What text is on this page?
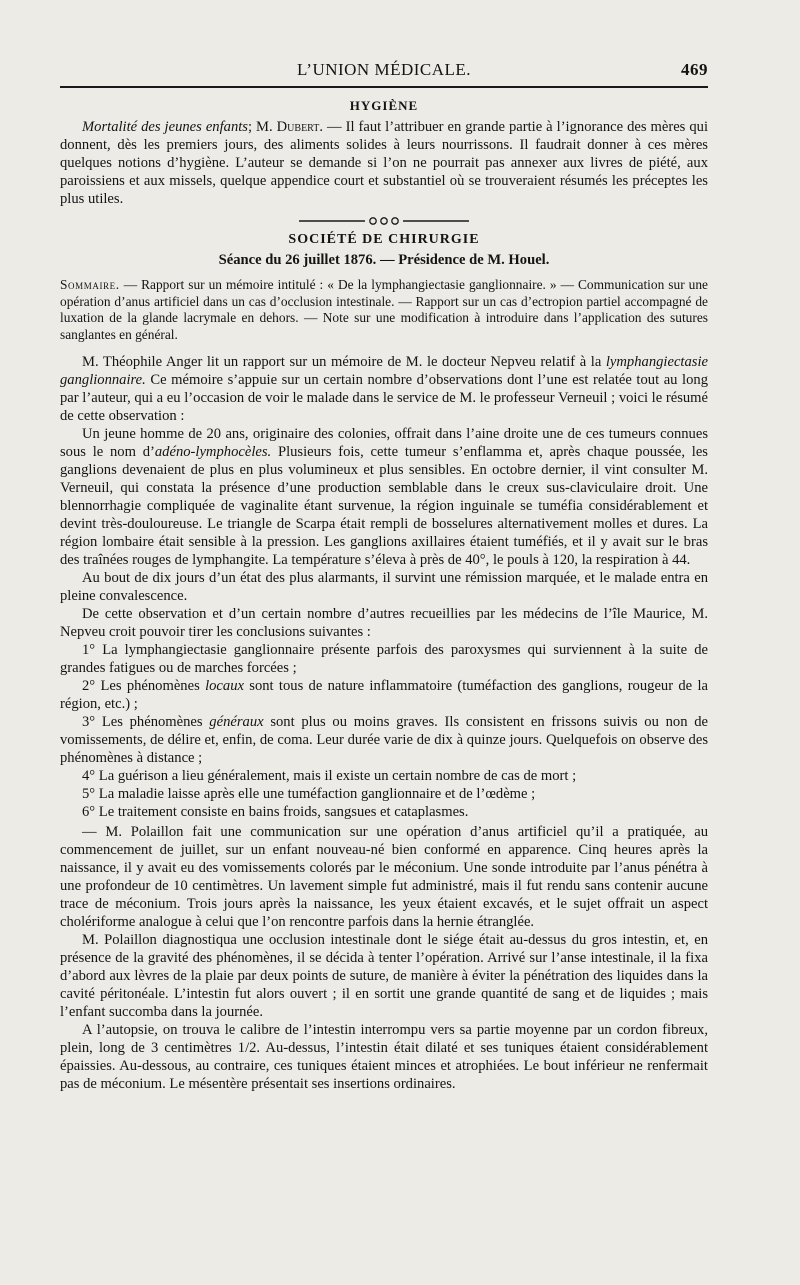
L’UNION MÉDICALE.	469
HYGIÈNE

Mortalité des jeunes enfants; M. Dubert. — Il faut l’attribuer en grande partie à l’ignorance des mères qui donnent, dès les premiers jours, des aliments solides à leurs nourrissons. Il faudrait donner à ces mères quelques notions d’hygiène. L’auteur se demande si l’on ne pourrait pas annexer aux livres de piété, aux paroissiens et aux missels, quelque appendice court et substantiel où se trouveraient résumés les préceptes les plus utiles.

SOCIÉTÉ DE CHIRURGIE
Séance du 26 juillet 1876. — Présidence de M. Houel.

Sommaire. — Rapport sur un mémoire intitulé : « De la lymphangiectasie ganglionnaire. » — Communication sur une opération d’anus artificiel dans un cas d’occlusion intestinale. — Rapport sur un cas d’ectropion partiel accompagné de luxation de la glande lacrymale en dehors. — Note sur une modification à introduire dans l’application des sutures sanglantes en général.

M. Théophile Anger lit un rapport sur un mémoire de M. le docteur Nepveu relatif à la lymphangiectasie ganglionnaire. Ce mémoire s’appuie sur un certain nombre d’observations dont l’une est relatée tout au long par l’auteur, qui a eu l’occasion de voir le malade dans le service de M. le professeur Verneuil ; voici le résumé de cette observation :

Un jeune homme de 20 ans, originaire des colonies, offrait dans l’aine droite une de ces tumeurs connues sous le nom d’adéno-lymphocèles. Plusieurs fois, cette tumeur s’enflamma et, après chaque poussée, les ganglions devenaient de plus en plus volumineux et plus sensibles. En octobre dernier, il vint consulter M. Verneuil, qui constata la présence d’une production semblable dans le creux sus-claviculaire droit. Une blennorrhagie compliquée de vaginalite étant survenue, la région inguinale se tuméfia considérablement et devint très-douloureuse. Le triangle de Scarpa était rempli de bosselures alternativement molles et dures. La région lombaire était sensible à la pression. Les ganglions axillaires étaient tuméfiés, et il y avait sur le bras des traînées rouges de lymphangite. La température s’éleva à près de 40°, le pouls à 120, la respiration à 44.

Au bout de dix jours d’un état des plus alarmants, il survint une rémission marquée, et le malade entra en pleine convalescence.

De cette observation et d’un certain nombre d’autres recueillies par les médecins de l’île Maurice, M. Nepveu croit pouvoir tirer les conclusions suivantes :

1° La lymphangiectasie ganglionnaire présente parfois des paroxysmes qui surviennent à la suite de grandes fatigues ou de marches forcées ;

2° Les phénomènes locaux sont tous de nature inflammatoire (tuméfaction des ganglions, rougeur de la région, etc.) ;

3° Les phénomènes généraux sont plus ou moins graves. Ils consistent en frissons suivis ou non de vomissements, de délire et, enfin, de coma. Leur durée varie de dix à quinze jours. Quelquefois on observe des phénomènes à distance ;

4° La guérison a lieu généralement, mais il existe un certain nombre de cas de mort ;

5° La maladie laisse après elle une tuméfaction ganglionnaire et de l’œdème ;

6° Le traitement consiste en bains froids, sangsues et cataplasmes.

— M. Polaillon fait une communication sur une opération d’anus artificiel qu’il a pratiquée, au commencement de juillet, sur un enfant nouveau-né bien conformé en apparence. Cinq heures après la naissance, il y avait eu des vomissements colorés par le méconium. Une sonde introduite par l’anus pénétra à une profondeur de 10 centimètres. Un lavement simple fut administré, mais il fut rendu sans contenir aucune trace de méconium. Trois jours après la naissance, les yeux étaient excavés, et le sujet offrait un aspect cholériforme analogue à celui que l’on rencontre parfois dans la hernie étranglée.

M. Polaillon diagnostiqua une occlusion intestinale dont le siége était au-dessus du gros intestin, et, en présence de la gravité des phénomènes, il se décida à tenter l’opération. Arrivé sur l’anse intestinale, il la fixa d’abord aux lèvres de la plaie par deux points de suture, de manière à éviter la pénétration des liquides dans la cavité péritonéale. L’intestin fut alors ouvert ; il en sortit une grande quantité de sang et de liquides ; mais l’enfant succomba dans la journée.

A l’autopsie, on trouva le calibre de l’intestin interrompu vers sa partie moyenne par un cordon fibreux, plein, long de 3 centimètres 1/2. Au-dessus, l’intestin était dilaté et ses tuniques étaient considérablement épaissies. Au-dessous, au contraire, ces tuniques étaient minces et atrophiées. Le bout inférieur ne renfermait pas de méconium. Le mésentère présentait ses insertions ordinaires.
